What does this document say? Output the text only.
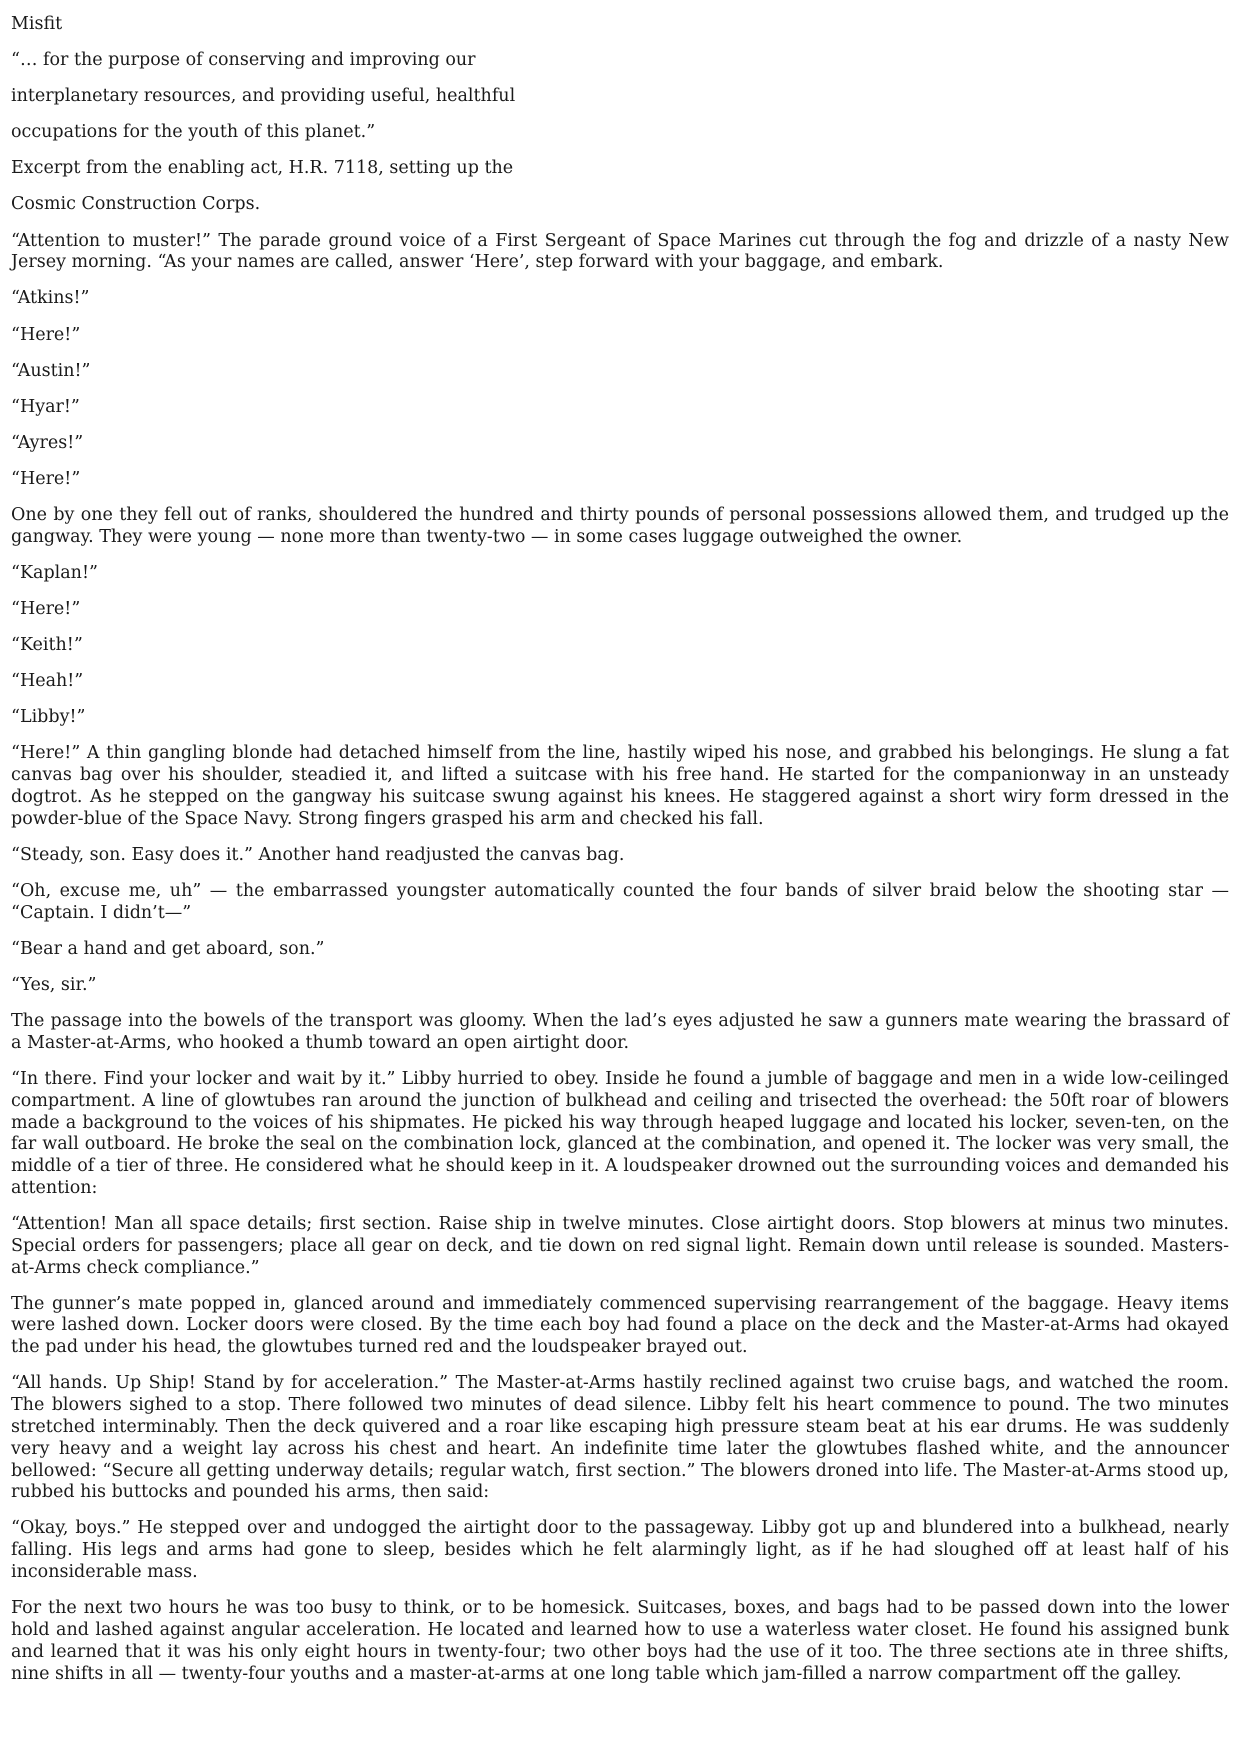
Misfit

“… for the purpose of conserving and improving our

interplanetary resources, and providing useful, healthful

occupations for the youth of this planet.”

Excerpt from the enabling act, H.R. 7118, setting up the

Cosmic Construction Corps.

“Attention to muster!” The parade ground voice of a First Sergeant of Space Marines cut through the fog and drizzle of a nasty New Jersey morning. “As your names are called, answer ‘Here’, step forward with your baggage, and embark.

“Atkins!”

“Here!”

“Austin!”

“Hyar!”

“Ayres!”

“Here!”

One by one they fell out of ranks, shouldered the hundred and thirty pounds of personal possessions allowed them, and trudged up the gangway. They were young — none more than twenty-two — in some cases luggage outweighed the owner.

“Kaplan!”

“Here!”

“Keith!”

“Heah!”

“Libby!”

“Here!” A thin gangling blonde had detached himself from the line, hastily wiped his nose, and grabbed his belongings. He slung a fat canvas bag over his shoulder, steadied it, and lifted a suitcase with his free hand. He started for the companionway in an unsteady dogtrot. As he stepped on the gangway his suitcase swung against his knees. He staggered against a short wiry form dressed in the powder-blue of the Space Navy. Strong fingers grasped his arm and checked his fall.

“Steady, son. Easy does it.” Another hand readjusted the canvas bag.

“Oh, excuse me, uh” — the embarrassed youngster automatically counted the four bands of silver braid below the shooting star — “Captain. I didn’t—”

“Bear a hand and get aboard, son.”

“Yes, sir.”

The passage into the bowels of the transport was gloomy. When the lad’s eyes adjusted he saw a gunners mate wearing the brassard of a Master-at-Arms, who hooked a thumb toward an open airtight door.

“In there. Find your locker and wait by it.” Libby hurried to obey. Inside he found a jumble of baggage and men in a wide low-ceilinged compartment. A line of glowtubes ran around the junction of bulkhead and ceiling and trisected the overhead: the 50ft roar of blowers made a background to the voices of his shipmates. He picked his way through heaped luggage and located his locker, seven-ten, on the far wall outboard. He broke the seal on the combination lock, glanced at the combination, and opened it. The locker was very small, the middle of a tier of three. He considered what he should keep in it. A loudspeaker drowned out the surrounding voices and demanded his attention:

“Attention! Man all space details; first section. Raise ship in twelve minutes. Close airtight doors. Stop blowers at minus two minutes. Special orders for passengers; place all gear on deck, and tie down on red signal light. Remain down until release is sounded. Masters-at-Arms check compliance.”

The gunner’s mate popped in, glanced around and immediately commenced supervising rearrangement of the baggage. Heavy items were lashed down. Locker doors were closed. By the time each boy had found a place on the deck and the Master-at-Arms had okayed the pad under his head, the glowtubes turned red and the loudspeaker brayed out.

“All hands. Up Ship! Stand by for acceleration.” The Master-at-Arms hastily reclined against two cruise bags, and watched the room. The blowers sighed to a stop. There followed two minutes of dead silence. Libby felt his heart commence to pound. The two minutes stretched interminably. Then the deck quivered and a roar like escaping high pressure steam beat at his ear drums. He was suddenly very heavy and a weight lay across his chest and heart. An indefinite time later the glowtubes flashed white, and the announcer bellowed: “Secure all getting underway details; regular watch, first section.” The blowers droned into life. The Master-at-Arms stood up, rubbed his buttocks and pounded his arms, then said:

“Okay, boys.” He stepped over and undogged the airtight door to the passageway. Libby got up and blundered into a bulkhead, nearly falling. His legs and arms had gone to sleep, besides which he felt alarmingly light, as if he had sloughed off at least half of his inconsiderable mass.

For the next two hours he was too busy to think, or to be homesick. Suitcases, boxes, and bags had to be passed down into the lower hold and lashed against angular acceleration. He located and learned how to use a waterless water closet. He found his assigned bunk and learned that it was his only eight hours in twenty-four; two other boys had the use of it too. The three sections ate in three shifts, nine shifts in all — twenty-four youths and a master-at-arms at one long table which jam-filled a narrow compartment off the galley.
